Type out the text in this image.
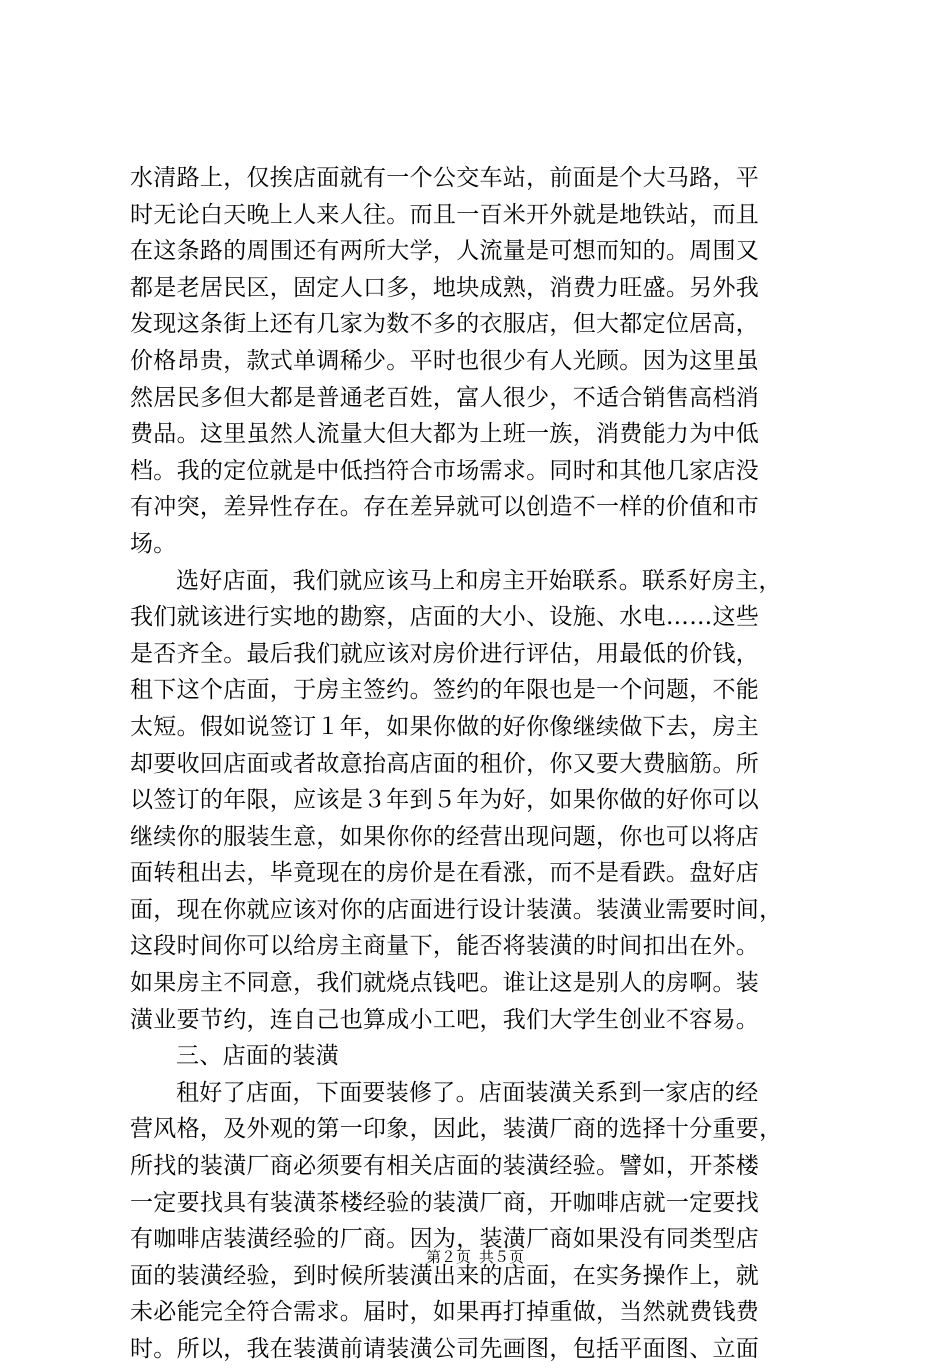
水清路上，仅挨店面就有一个公交车站，前面是个大马路，平
时无论白天晚上人来人往。而且一百米开外就是地铁站，而且
在这条路的周围还有两所大学，人流量是可想而知的。周围又
都是老居民区，固定人口多，地块成熟，消费力旺盛。另外我
发现这条街上还有几家为数不多的衣服店，但大都定位居高，
价格昂贵，款式单调稀少。平时也很少有人光顾。因为这里虽
然居民多但大都是普通老百姓，富人很少，不适合销售高档消
费品。这里虽然人流量大但大都为上班一族，消费能力为中低
档。我的定位就是中低挡符合市场需求。同时和其他几家店没
有冲突，差异性存在。存在差异就可以创造不一样的价值和市
场。
选好店面，我们就应该马上和房主开始联系。联系好房主，
我们就该进行实地的勘察，店面的大小、设施、水电……这些
是否齐全。最后我们就应该对房价进行评估，用最低的价钱，
租下这个店面，于房主签约。签约的年限也是一个问题，不能
太短。假如说签订１年，如果你做的好你像继续做下去，房主
却要收回店面或者故意抬高店面的租价，你又要大费脑筋。所
以签订的年限，应该是３年到５年为好，如果你做的好你可以
继续你的服装生意，如果你你的经营出现问题，你也可以将店
面转租出去，毕竟现在的房价是在看涨，而不是看跌。盘好店
面，现在你就应该对你的店面进行设计装潢。装潢业需要时间，
这段时间你可以给房主商量下，能否将装潢的时间扣出在外。
如果房主不同意，我们就烧点钱吧。谁让这是别人的房啊。装
潢业要节约，连自己也算成小工吧，我们大学生创业不容易。
三、店面的装潢
租好了店面，下面要装修了。店面装潢关系到一家店的经
营风格，及外观的第一印象，因此，装潢厂商的选择十分重要，
所找的装潢厂商必须要有相关店面的装潢经验。譬如，开茶楼
一定要找具有装潢茶楼经验的装潢厂商，开咖啡店就一定要找
有咖啡店装潢经验的厂商。因为，装潢厂商如果没有同类型店
面的装潢经验，到时候所装潢出来的店面，在实务操作上，就
未必能完全符合需求。届时，如果再打掉重做，当然就费钱费
时。所以，我在装潢前请装潢公司先画图，包括平面图、立面
第２页 共５页
